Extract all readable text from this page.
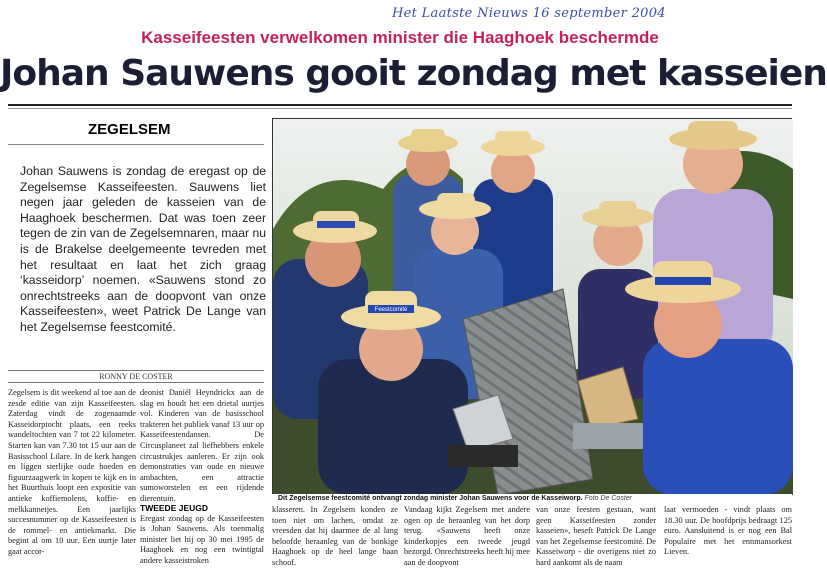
Het Laatste Nieuws 16 september 2004
Kasseifeesten verwelkomen minister die Haaghoek beschermde
Johan Sauwens gooit zondag met kasseien
ZEGELSEM
Johan Sauwens is zondag de eregast op de Zegelsemse Kasseifeesten. Sauwens liet negen jaar geleden de kasseien van de Haaghoek beschermen. Dat was toen zeer tegen de zin van de Zegelsemnaren, maar nu is de Brakelse deelgemeente tevreden met het resultaat en laat het zich graag ‘kasseidorp’ noemen. «Sauwens stond zo onrechtstreeks aan de doopvont van onze Kasseifeesten», weet Patrick De Lange van het Zegelsemse feestcomité.
RONNY DE COSTER
Zegelsem is dit weekend al toe aan de zesde editie van zijn Kasseifeesten. Zaterdag vindt de zogenaamde Kasseidorptocht plaats, een reeks wandeltochten van 7 tot 22 kilometer. Starten kan van 7.30 tot 15 uur aan de Basisschool Lilare. In de kerk hangen en liggen sierlijke oude hoeden en figuurzaagwerk in kopen te kijk en in het Buurthuis loopt een expositie van antieke koffiemolens, koffie- en melkkannetjes. Een jaarlijks succesnummer op de Kasseifeesten is de rommel- en antiekmarkt. Die begint al om 10 uur. Een uurtje later gaat accor-
deonist Daniël Heyndrickx aan de slag en houdt het een drietal uurtjes vol. Kinderen van de basisschool trakteren het publiek vanaf 13 uur op Kasseifeestendansen. De Circusplaneet zal liefhebbers enkele circustrukjes aanleren. Er zijn ook demonstraties van oude en nieuwe ambachten, een attractie sumoworstelen en een rijdende dierentuin.
TWEEDE JEUGD
Eregast zondag op de Kasseifeesten is Johan Sauwens. Als toenmalig minister liet hij op 30 mei 1995 de Haaghoek en nog een twintigtal andere kasseistroken
Feestcomité
Dit Zegelsemse feestcomité ontvangt zondag minister Johan Sauwens voor de Kasseiworp. Foto De Coster
klasseren. In Zegelsem konden ze toen niet om lachen, omdat ze vreesden dat hij daarmee de al lang beloofde heraanleg van de bonkige Haaghoek op de heel lange baan schoof.
Vandaag kijkt Zegelsem met andere ogen op de heraanleg van het dorp terug. «Sauwens heeft onze kinderkopjes een tweede jeugd bezorgd. Onrechtstreeks heeft hij mee aan de doopvont
van onze feesten gestaan, want geen Kasseifeesten zonder kasseien», beseft Patrick De Lange van het Zegelsemse feestcomité. De Kasseiworp - die overigens niet zo hard aankomt als de naam
laat vermoeden - vindt plaats om 18.30 uur. De hoofdprijs bedraagt 125 euro. Aansluitend is er nog een Bal Populaire met het ennmansorkest Lieven.
